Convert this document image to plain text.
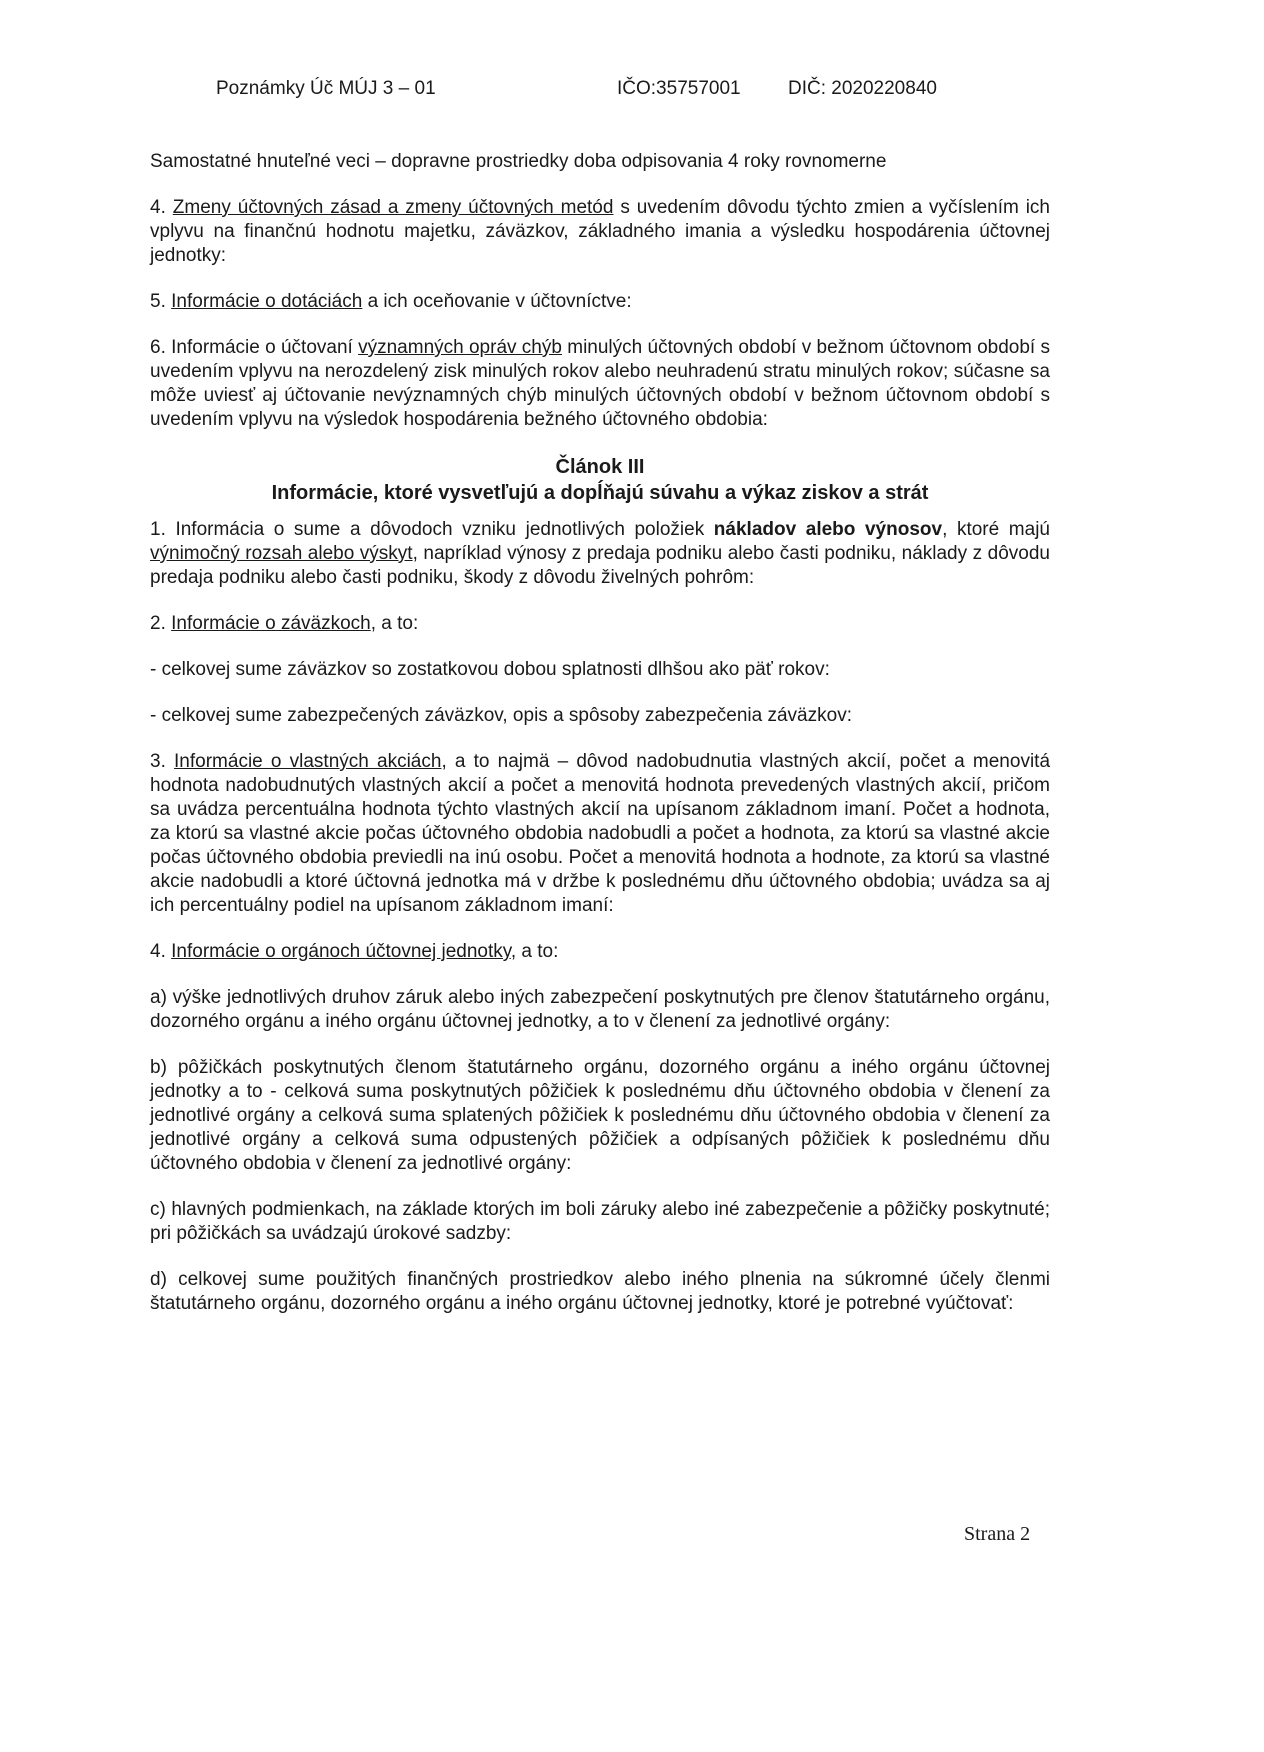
Poznámky Úč MÚJ 3 – 01	IČO:35757001 DIČ: 2020220840

Samostatné hnuteľné veci – dopravne prostriedky doba odpisovania 4 roky rovnomerne

4. Zmeny účtovných zásad a zmeny účtovných metód s uvedením dôvodu týchto zmien a vyčíslením ich vplyvu na finančnú hodnotu majetku, záväzkov, základného imania a výsledku hospodárenia účtovnej jednotky:

5. Informácie o dotáciách a ich oceňovanie v účtovníctve:

6. Informácie o účtovaní významných opráv chýb minulých účtovných období v bežnom účtovnom období s uvedením vplyvu na nerozdelený zisk minulých rokov alebo neuhradenú stratu minulých rokov; súčasne sa môže uviesť aj účtovanie nevýznamných chýb minulých účtovných období v bežnom účtovnom období s uvedením vplyvu na výsledok hospodárenia bežného účtovného obdobia:

Článok III
Informácie, ktoré vysvetľujú a dopĺňajú súvahu a výkaz ziskov a strát

1. Informácia o sume a dôvodoch vzniku jednotlivých položiek nákladov alebo výnosov, ktoré majú výnimočný rozsah alebo výskyt, napríklad výnosy z predaja podniku alebo časti podniku, náklady z dôvodu predaja podniku alebo časti podniku, škody z dôvodu živelných pohrôm:

2. Informácie o záväzkoch, a to:

- celkovej sume záväzkov so zostatkovou dobou splatnosti dlhšou ako päť rokov:

- celkovej sume zabezpečených záväzkov, opis a spôsoby zabezpečenia záväzkov:

3. Informácie o vlastných akciách, a to najmä – dôvod nadobudnutia vlastných akcií, počet a menovitá hodnota nadobudnutých vlastných akcií a počet a menovitá hodnota prevedených vlastných akcií, pričom sa uvádza percentuálna hodnota týchto vlastných akcií na upísanom základnom imaní. Počet a hodnota, za ktorú sa vlastné akcie počas účtovného obdobia nadobudli a počet a hodnota, za ktorú sa vlastné akcie počas účtovného obdobia previedli na inú osobu. Počet a menovitá hodnota a hodnote, za ktorú sa vlastné akcie nadobudli a ktoré účtovná jednotka má v držbe k poslednému dňu účtovného obdobia; uvádza sa aj ich percentuálny podiel na upísanom základnom imaní:

4. Informácie o orgánoch účtovnej jednotky, a to:

a) výške jednotlivých druhov záruk alebo iných zabezpečení poskytnutých pre členov štatutárneho orgánu, dozorného orgánu a iného orgánu účtovnej jednotky, a to v členení za jednotlivé orgány:

b) pôžičkách poskytnutých členom štatutárneho orgánu, dozorného orgánu a iného orgánu účtovnej jednotky a to - celková suma poskytnutých pôžičiek k poslednému dňu účtovného obdobia v členení za jednotlivé orgány a celková suma splatených pôžičiek k poslednému dňu účtovného obdobia v členení za jednotlivé orgány a celková suma odpustených pôžičiek a odpísaných pôžičiek k poslednému dňu účtovného obdobia v členení za jednotlivé orgány:

c) hlavných podmienkach, na základe ktorých im boli záruky alebo iné zabezpečenie a pôžičky poskytnuté; pri pôžičkách sa uvádzajú úrokové sadzby:

d) celkovej sume použitých finančných prostriedkov alebo iného plnenia na súkromné účely členmi štatutárneho orgánu, dozorného orgánu a iného orgánu účtovnej jednotky, ktoré je potrebné vyúčtovať:

Strana 2
